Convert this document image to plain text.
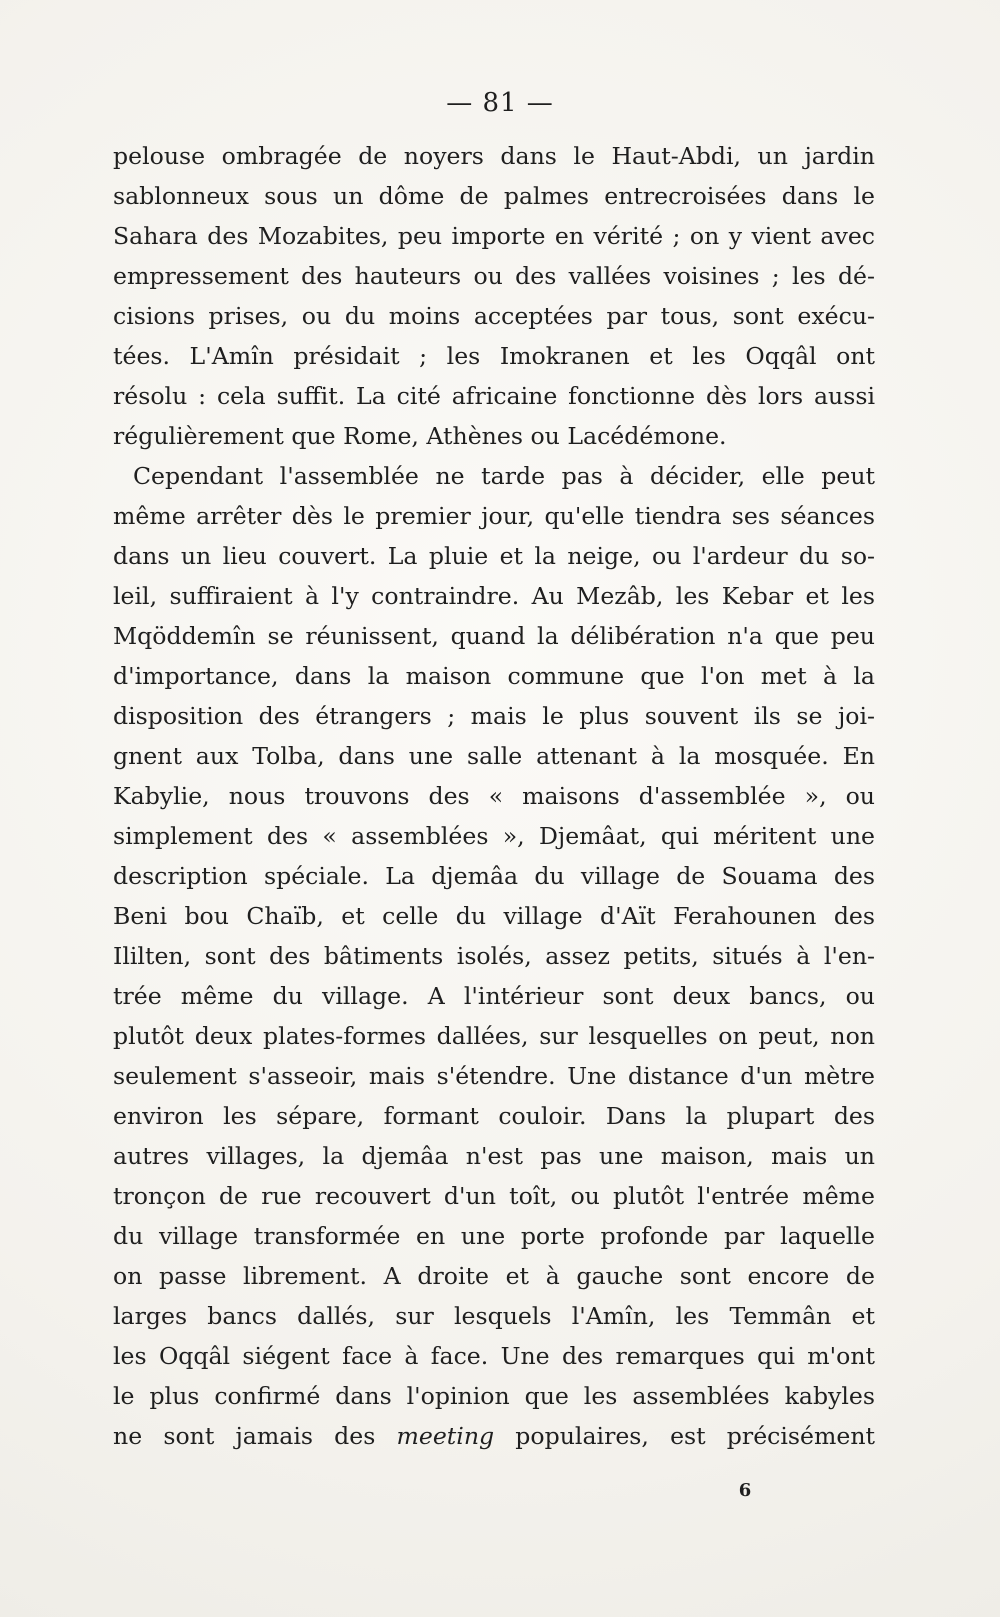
— 81 —
pelouse ombragée de noyers dans le Haut-Abdi, un jardin
sablonneux sous un dôme de palmes entrecroisées dans le
Sahara des Mozabites, peu importe en vérité ; on y vient avec
empressement des hauteurs ou des vallées voisines ; les dé-
cisions prises, ou du moins acceptées par tous, sont exécu-
tées. L'Amîn présidait ; les Imokranen et les Oqqâl ont
résolu : cela suffit. La cité africaine fonctionne dès lors aussi
régulièrement que Rome, Athènes ou Lacédémone.
Cependant l'assemblée ne tarde pas à décider, elle peut
même arrêter dès le premier jour, qu'elle tiendra ses séances
dans un lieu couvert. La pluie et la neige, ou l'ardeur du so-
leil, suffiraient à l'y contraindre. Au Mezâb, les Kebar et les
Mqöddemîn se réunissent, quand la délibération n'a que peu
d'importance, dans la maison commune que l'on met à la
disposition des étrangers ; mais le plus souvent ils se joi-
gnent aux Tolba, dans une salle attenant à la mosquée. En
Kabylie, nous trouvons des « maisons d'assemblée », ou
simplement des « assemblées », Djemâat, qui méritent une
description spéciale. La djemâa du village de Souama des
Beni bou Chaïb, et celle du village d'Aït Ferahounen des
Ililten, sont des bâtiments isolés, assez petits, situés à l'en-
trée même du village. A l'intérieur sont deux bancs, ou
plutôt deux plates-formes dallées, sur lesquelles on peut, non
seulement s'asseoir, mais s'étendre. Une distance d'un mètre
environ les sépare, formant couloir. Dans la plupart des
autres villages, la djemâa n'est pas une maison, mais un
tronçon de rue recouvert d'un toît, ou plutôt l'entrée même
du village transformée en une porte profonde par laquelle
on passe librement. A droite et à gauche sont encore de
larges bancs dallés, sur lesquels l'Amîn, les Temmân et
les Oqqâl siégent face à face. Une des remarques qui m'ont
le plus confirmé dans l'opinion que les assemblées kabyles
ne sont jamais des meeting populaires, est précisément
6
